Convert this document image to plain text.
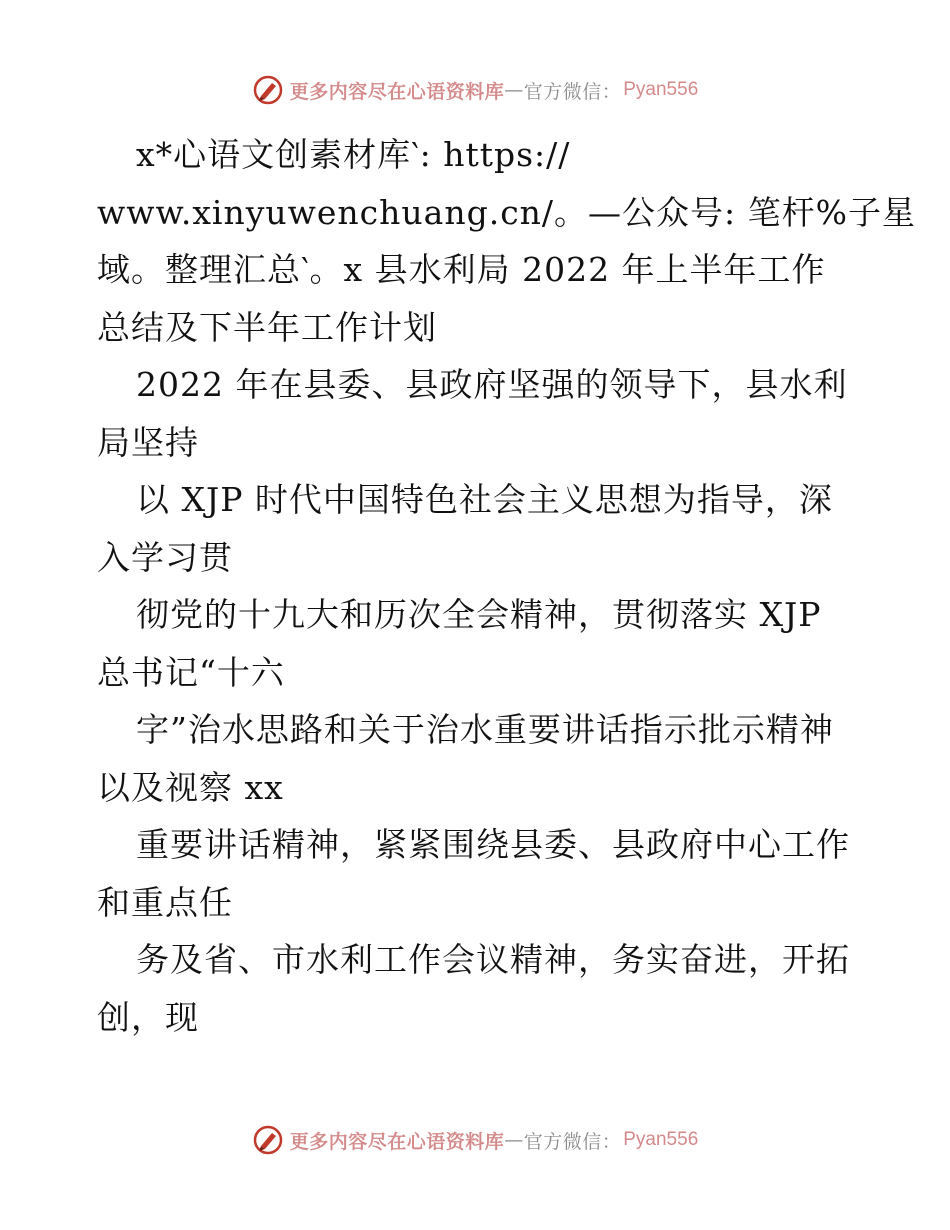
更多内容尽在心语资料库 — 官方微信： Pyan556
x*心语文创素材库‵: https://
www.xinyuwenchuang.cn/。—公众号: 笔杆%子星
域。整理汇总‵。x 县水利局 2022 年上半年工作
总结及下半年工作计划
2022 年在县委、县政府坚强的领导下，县水利
局坚持
以 XJP 时代中国特色社会主义思想为指导，深
入学习贯
彻党的十九大和历次全会精神，贯彻落实 XJP
总书记“十六
字”治水思路和关于治水重要讲话指示批示精神
以及视察 xx
重要讲话精神，紧紧围绕县委、县政府中心工作
和重点任
务及省、市水利工作会议精神，务实奋进，开拓
创，现
更多内容尽在心语资料库 — 官方微信： Pyan556
